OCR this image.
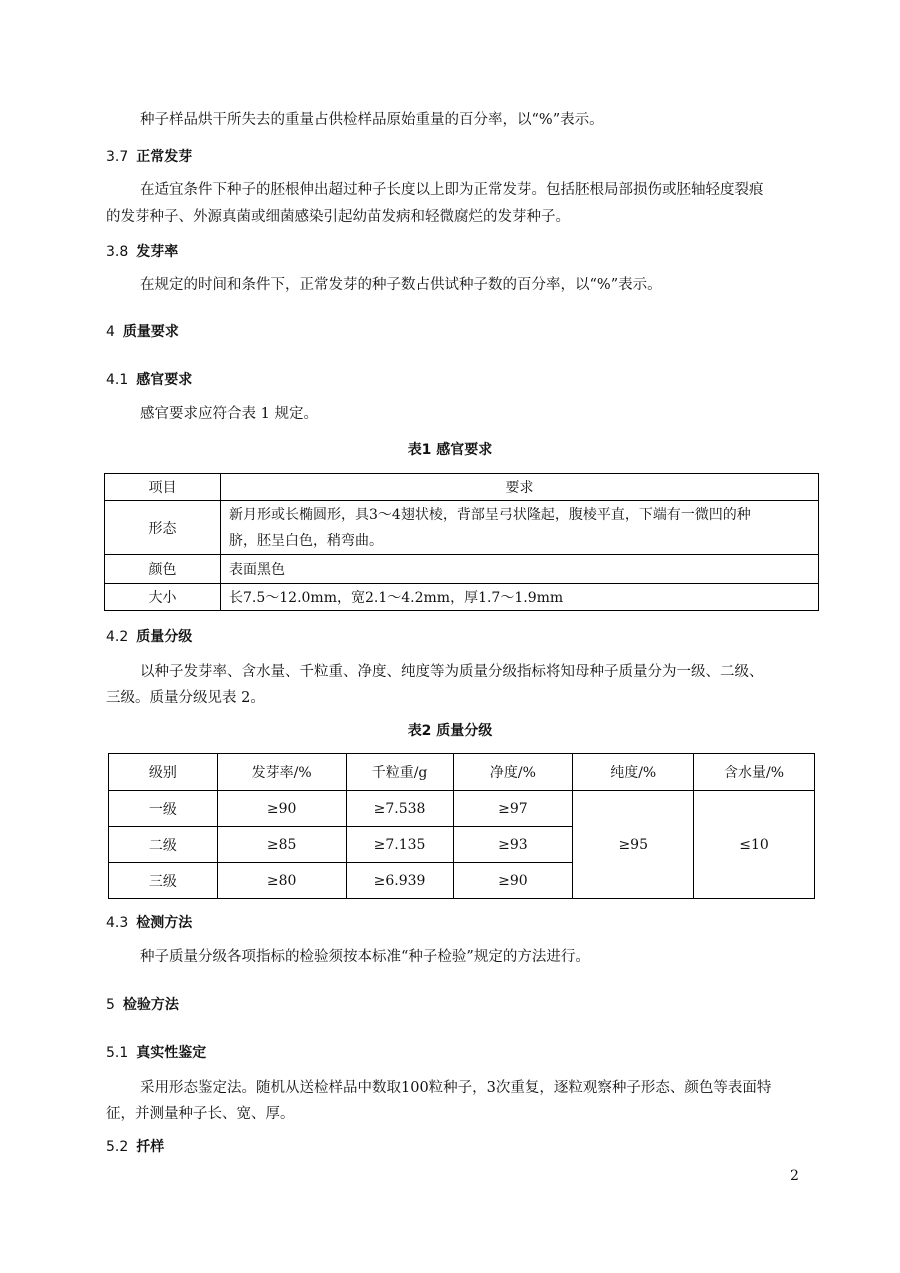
种子样品烘干所失去的重量占供检样品原始重量的百分率，以“%”表示。
3.7 正常发芽
在适宜条件下种子的胚根伸出超过种子长度以上即为正常发芽。包括胚根局部损伤或胚轴轻度裂痕
的发芽种子、外源真菌或细菌感染引起幼苗发病和轻微腐烂的发芽种子。
3.8 发芽率
在规定的时间和条件下，正常发芽的种子数占供试种子数的百分率，以“%”表示。
4 质量要求
4.1 感官要求
感官要求应符合表 1 规定。
表1 感官要求
项目	要求
形态	新月形或长椭圆形，具3～4翅状棱，背部呈弓状隆起，腹棱平直，下端有一微凹的种
脐，胚呈白色，稍弯曲。

颜色	表面黑色
大小	长7.5～12.0mm，宽2.1～4.2mm，厚1.7～1.9mm
4.2 质量分级
以种子发芽率、含水量、千粒重、净度、纯度等为质量分级指标将知母种子质量分为一级、二级、
三级。质量分级见表 2。
表2 质量分级
级别	发芽率/%	千粒重/g	净度/%	纯度/%	含水量/%
一级	≥90	≥7.538	≥97	≥95	≤10
二级	≥85	≥7.135	≥93		
三级	≥80	≥6.939	≥90		
4.3 检测方法
种子质量分级各项指标的检验须按本标准“种子检验”规定的方法进行。
5 检验方法
5.1 真实性鉴定
采用形态鉴定法。随机从送检样品中数取100粒种子，3次重复，逐粒观察种子形态、颜色等表面特
征，并测量种子长、宽、厚。
5.2 扦样
2
